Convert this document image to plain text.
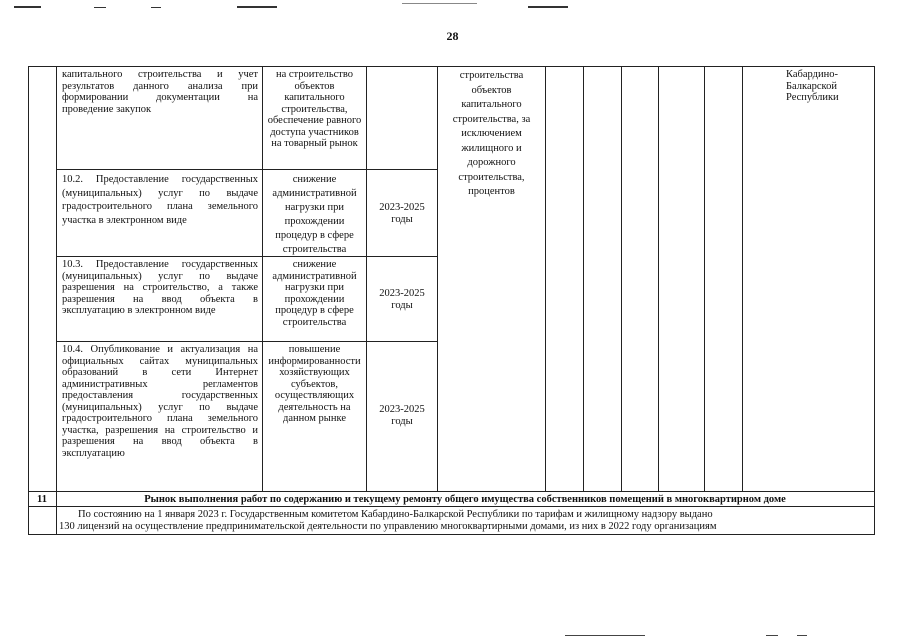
28
капитального строительства и учет результатов данного анализа при формировании документации на проведение закупок
на строительство объектов капитального строительства, обеспечение равного доступа участников на товарный рынок
строительства объектов капитального строительства, за исключением жилищного и дорожного строительства, процентов
Кабардино-Балкарской Республики
10.2. Предоставление государственных (муниципальных) услуг по выдаче градостроительного плана земельного участка в электронном виде
снижение административной нагрузки при прохождении процедур в сфере строительства
2023-2025 годы
10.3. Предоставление государственных (муниципальных) услуг по выдаче разрешения на строительство, а также разрешения на ввод объекта в эксплуатацию в электронном виде
снижение административной нагрузки при прохождении процедур в сфере строительства
2023-2025 годы
10.4. Опубликование и актуализация на официальных сайтах муниципальных образований в сети Интернет административных регламентов предоставления государственных (муниципальных) услуг по выдаче градостроительного плана земельного участка, разрешения на строительство и разрешения на ввод объекта в эксплуатацию
повышение информированности хозяйствующих субъектов, осуществляющих деятельность на данном рынке
2023-2025 годы
11	Рынок выполнения работ по содержанию и текущему ремонту общего имущества собственников помещений в многоквартирном доме
По состоянию на 1 января 2023 г. Государственным комитетом Кабардино-Балкарской Республики по тарифам и жилищному надзору выдано
130 лицензий на осуществление предпринимательской деятельности по управлению многоквартирными домами, из них в 2022 году организациям
